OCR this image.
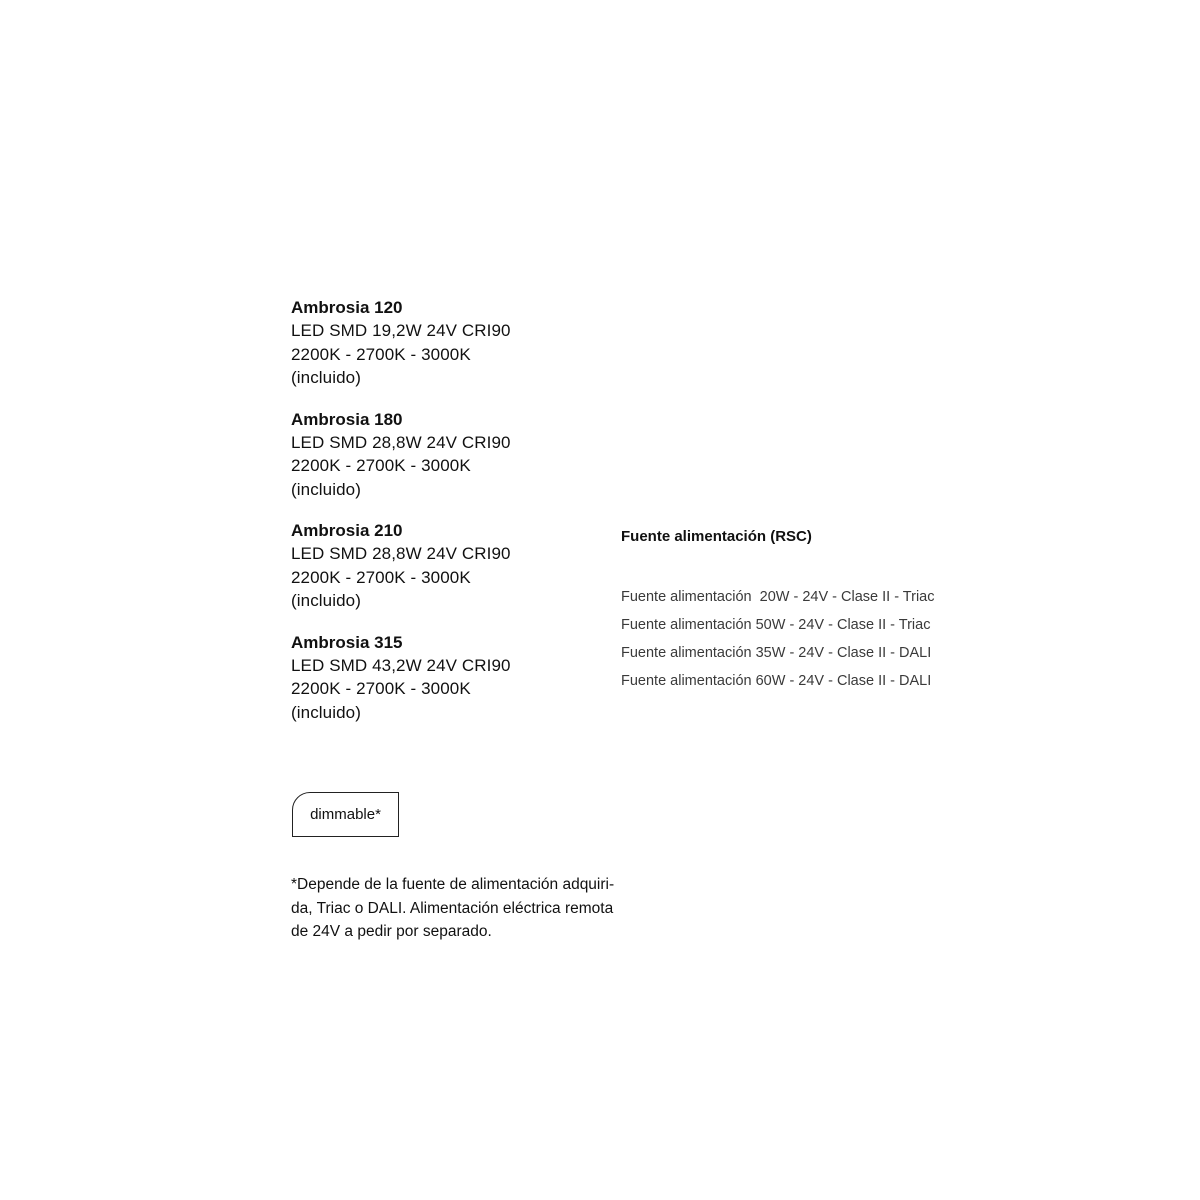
Ambrosia 120
LED SMD 19,2W 24V CRI90
2200K - 2700K - 3000K
(incluido)
Ambrosia 180
LED SMD 28,8W 24V CRI90
2200K - 2700K - 3000K
(incluido)
Ambrosia 210
LED SMD 28,8W 24V CRI90
2200K - 2700K - 3000K
(incluido)
Ambrosia 315
LED SMD 43,2W 24V CRI90
2200K - 2700K - 3000K
(incluido)
Fuente alimentación (RSC)
Fuente alimentación  20W - 24V - Clase II - Triac
Fuente alimentación 50W - 24V - Clase II - Triac
Fuente alimentación 35W - 24V - Clase II - DALI
Fuente alimentación 60W - 24V - Clase II - DALI
dimmable*
*Depende de la fuente de alimentación adquiri-
da, Triac o DALI. Alimentación eléctrica remota
de 24V a pedir por separado.
